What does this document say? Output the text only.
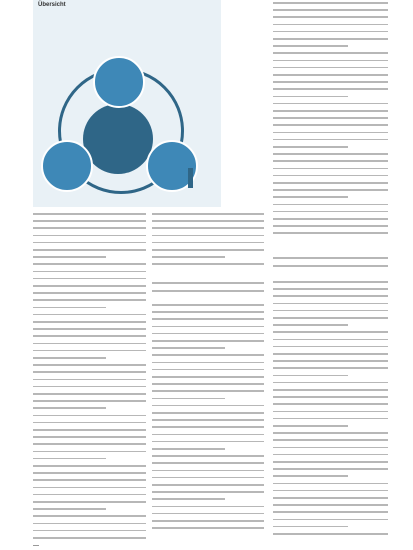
Übersicht
